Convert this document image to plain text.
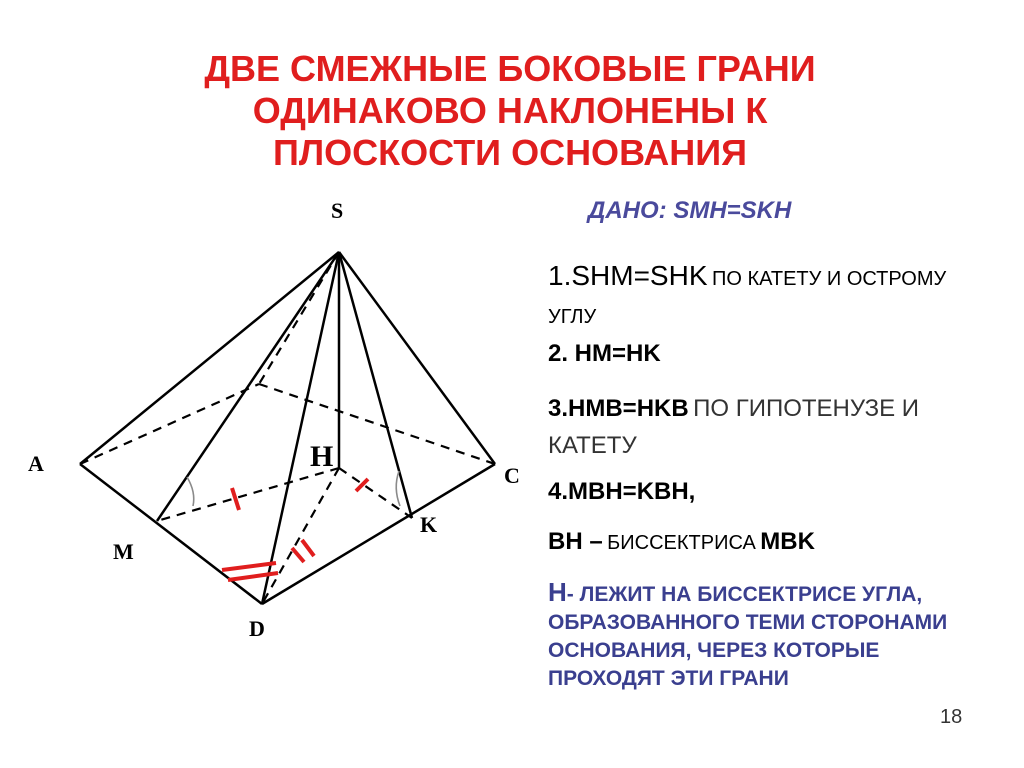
ДВЕ СМЕЖНЫЕ БОКОВЫЕ ГРАНИ
ОДИНАКОВО НАКЛОНЕНЫ К
ПЛОСКОСТИ ОСНОВАНИЯ
S
A	C
M
K
D
H
ДАНО: SMH=SKH
1.SHM=SHK ПО КАТЕТУ И ОСТРОМУ УГЛУ
2. HM=HK
3.HMB=HKB ПО ГИПОТЕНУЗЕ И КАТЕТУ
4.MBH=KBH,
BH – БИССЕКТРИСА MBK
H- ЛЕЖИТ НА БИССЕКТРИСЕ УГЛА, ОБРАЗОВАННОГО ТЕМИ СТОРОНАМИ ОСНОВАНИЯ, ЧЕРЕЗ КОТОРЫЕ ПРОХОДЯТ ЭТИ ГРАНИ
18
